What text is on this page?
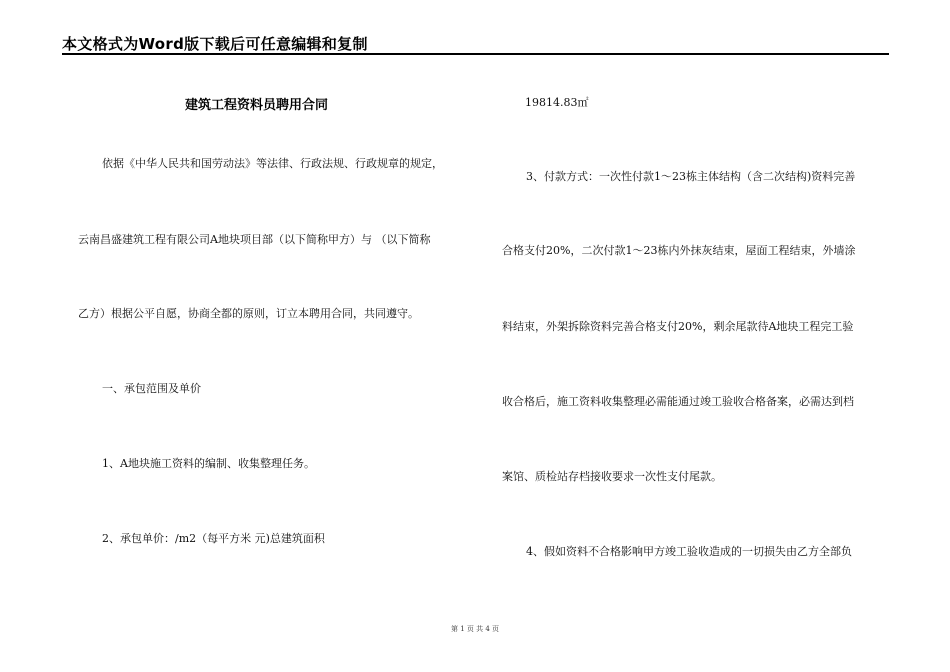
本文格式为Word版下载后可任意编辑和复制
建筑工程资料员聘用合同
依据《中华人民共和国劳动法》等法律、行政法规、行政规章的规定，
云南昌盛建筑工程有限公司A地块项目部（以下简称甲方）与 （以下简称
乙方）根据公平自愿，协商全都的原则，订立本聘用合同，共同遵守。
一、承包范围及单价
1、A地块施工资料的编制、收集整理任务。
2、承包单价：/m2（每平方米 元)总建筑面积
19814.83㎡
3、付款方式：一次性付款1～23栋主体结构（含二次结构)资料完善
合格支付20%，二次付款1～23栋内外抹灰结束，屋面工程结束，外墙涂
料结束，外架拆除资料完善合格支付20%，剩余尾款待A地块工程完工验
收合格后，施工资料收集整理必需能通过竣工验收合格备案，必需达到档
案馆、质检站存档接收要求一次性支付尾款。
4、假如资料不合格影响甲方竣工验收造成的一切损失由乙方全部负
第 1 页 共 4 页
